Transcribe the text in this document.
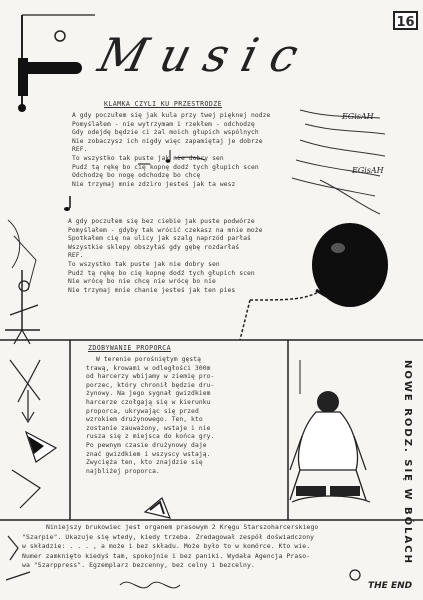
16
Music
KLAMKA CZYLI KU PRZESTRODZE
EGisAH
EGisAH
A gdy poczułem się jak kula przy twej pięknej nodze
Pomyślałem - nie wytrzymam i rzekłem - odchodzę
Gdy odejdę będzie ci żal moich głupich wspólnych
Nie zobaczysz ich nigdy więc zapamiętaj je dobrze
REF.
To wszystko tak puste jak nie dobry sen
Pudź tą rękę bo cię kopnę dodź tych głupich scen
Odchodzę bo nogę odchodzę bo chcę
Nie trzymaj mnie zdziro jesteś jak ta wesz
A gdy poczułem się bez ciebie jak puste podwórze
Pomyślałem - gdyby tak wrócić czekasz na mnie może
Spotkałem cię na ulicy jak szalg naprzód parłaś
Wszystkie sklepy obszyłaś gdy gębę rozdarłaś
REF.
To wszystko tak puste jak nie dobry sen
Pudź tą rękę bo cię kopnę dodź tych głupich scen
Nie wrócę bo nie chcę nie wrócę bo nie
Nie trzymaj mnie chanie jesteś jak ten pies
ZDOBYWANIE PROPORCA
W terenie porośniętym gęstą
trawą, krowami w odległości 300m
od harcerzy wbijamy w ziemię pro-
porzec, który chronił będzie dru-
żynowy. Na jego sygnał gwizdkiem
harcerze czołgają się w kierunku
proporca, ukrywając się przed
wzrokiem drużynowego. Ten, kto
zostanie zauważony, wstaje i nie
rusza się z miejsca do końca gry.
Po pewnym czasie drużynowy daje
znać gwizdkiem i wszyscy wstają.
Zwycięża ten, kto znajdzie się
najbliżej proporca.	NOWE RODZ. SIĘ W BÓLACH
Niniejszy brukowiec jest organem prasowym 2 Kręgu Starszoharcerskiego
"Szarpie". Ukazuje się wtedy, kiedy trzeba. Zredagował zespół doświadczony
w składzie: . . . , a może i bez składu. Może było to w komórce. Kto wie.
Numer zamknięto kiedyś tam, spokojnie i bez paniki. Wydała Agencja Praso-
wa "Szarppress". Egzemplarz bezcenny, bez celny i bezcelny.
THE END
